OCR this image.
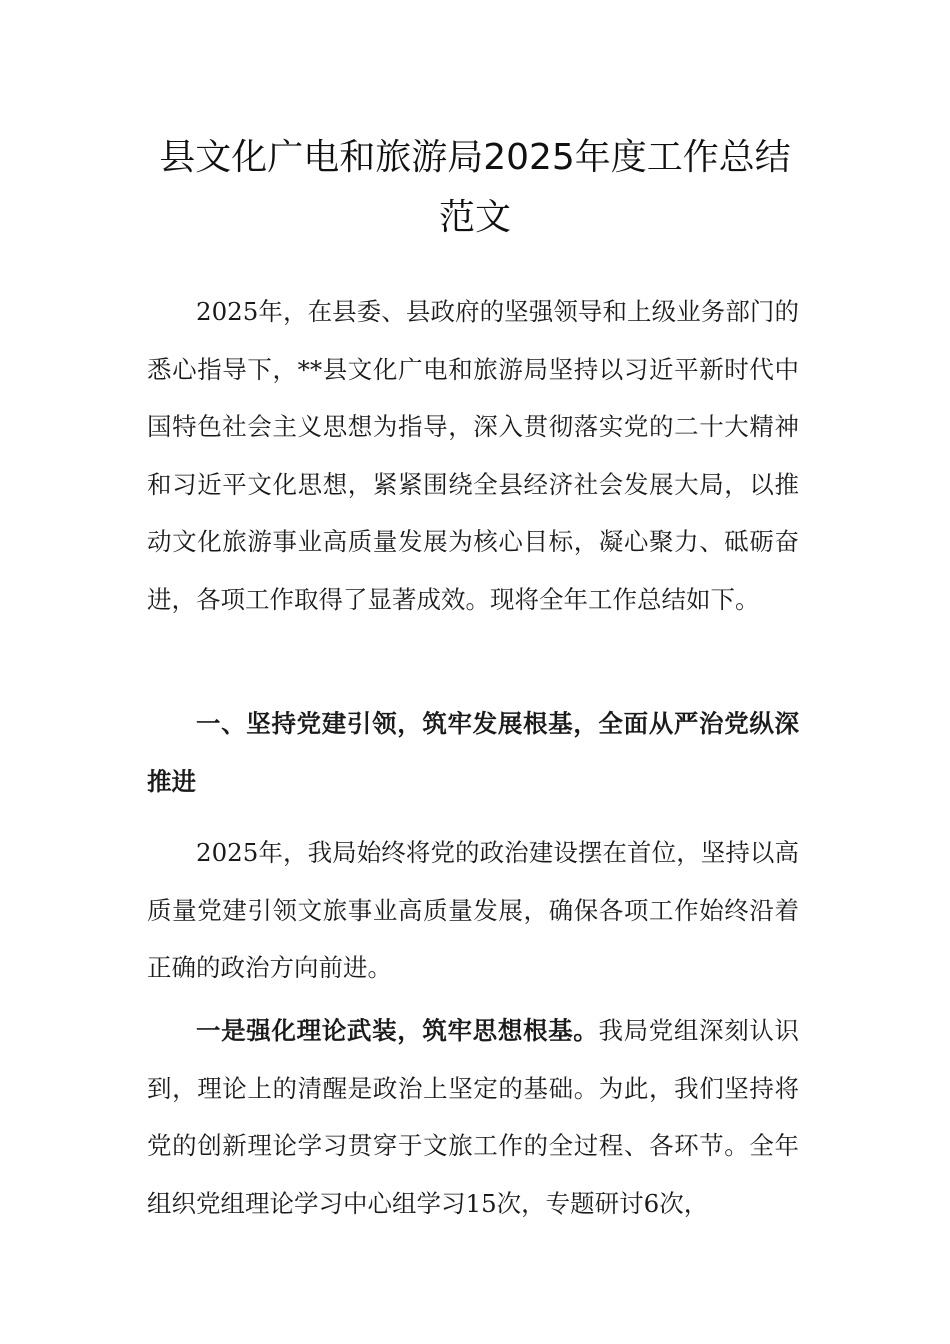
县文化广电和旅游局2025年度工作总结范文

2025年，在县委、县政府的坚强领导和上级业务部门的悉心指导下，**县文化广电和旅游局坚持以习近平新时代中国特色社会主义思想为指导，深入贯彻落实党的二十大精神和习近平文化思想，紧紧围绕全县经济社会发展大局，以推动文化旅游事业高质量发展为核心目标，凝心聚力、砥砺奋进，各项工作取得了显著成效。现将全年工作总结如下。

一、坚持党建引领，筑牢发展根基，全面从严治党纵深推进

2025年，我局始终将党的政治建设摆在首位，坚持以高质量党建引领文旅事业高质量发展，确保各项工作始终沿着正确的政治方向前进。

一是强化理论武装，筑牢思想根基。我局党组深刻认识到，理论上的清醒是政治上坚定的基础。为此，我们坚持将党的创新理论学习贯穿于文旅工作的全过程、各环节。全年组织党组理论学习中心组学习15次，专题研讨6次，
